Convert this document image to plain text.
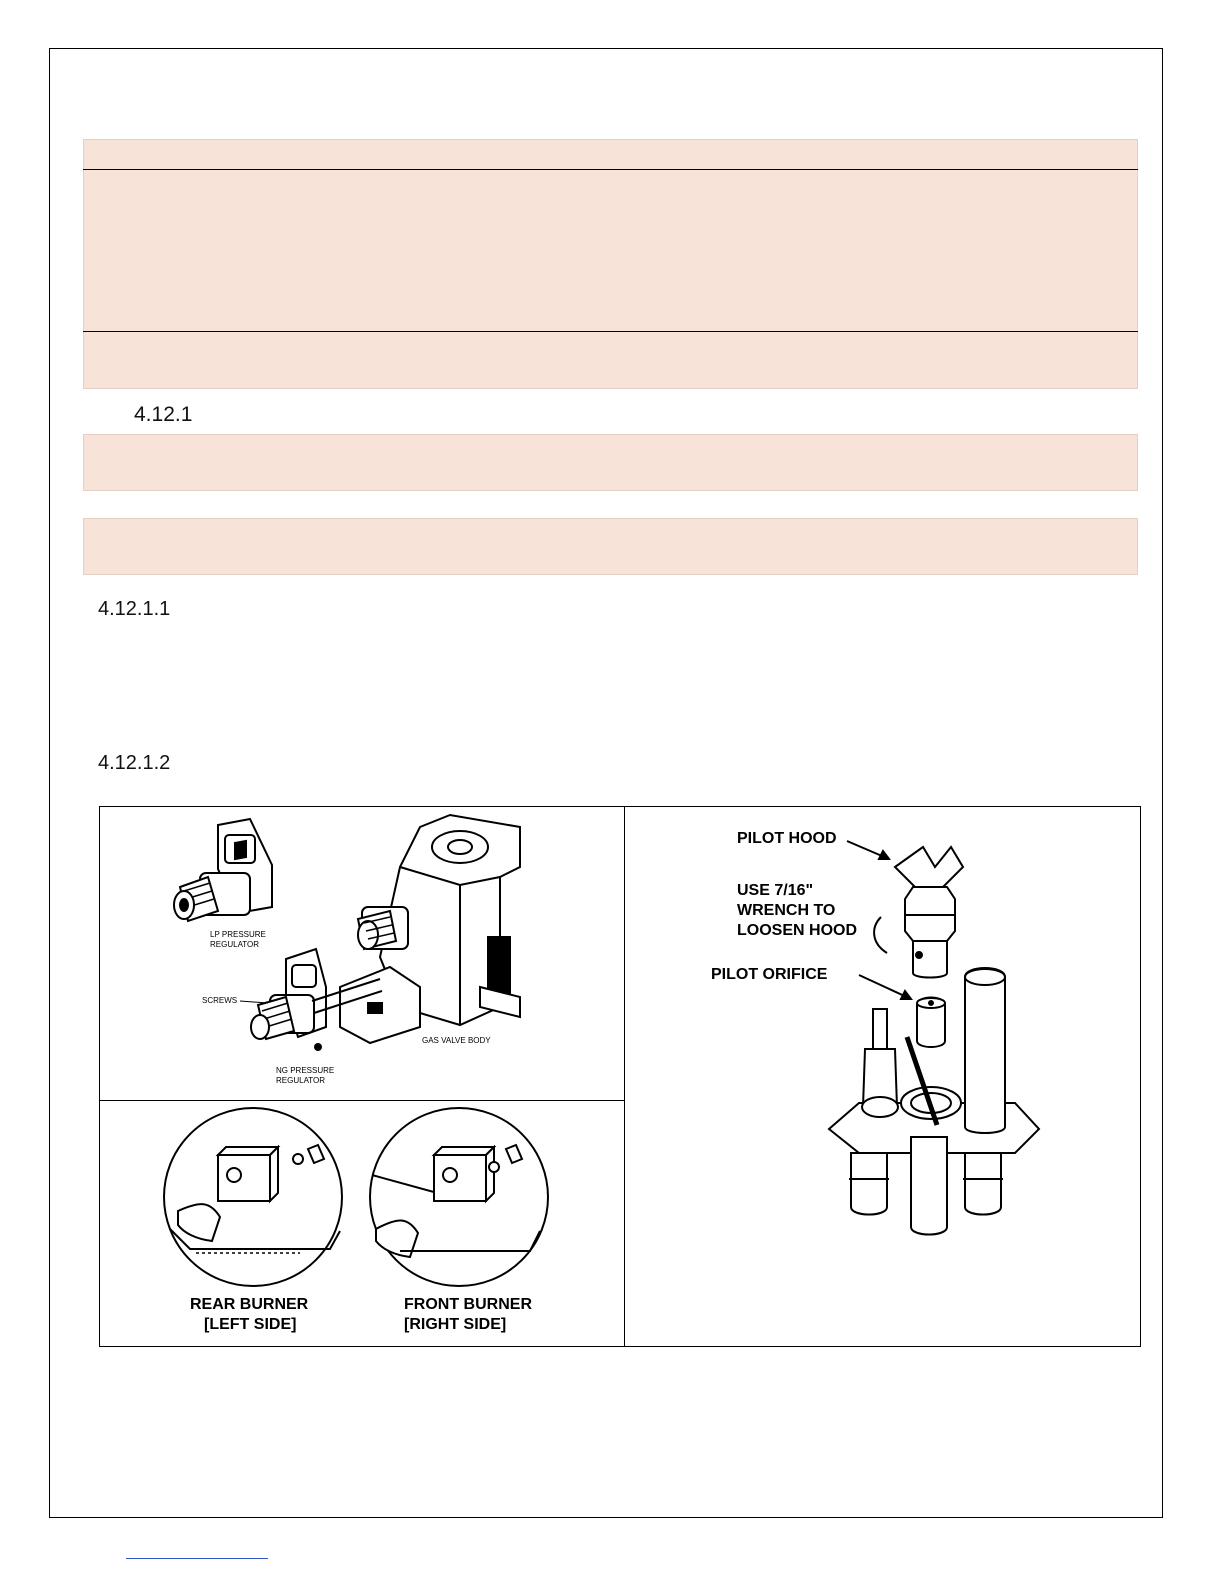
4.12.1
4.12.1.1
4.12.1.2
LP PRESSURE
REGULATOR
SCREWS
GAS VALVE BODY
NG PRESSURE
REGULATOR
REAR BURNER
[LEFT SIDE]
FRONT BURNER
[RIGHT SIDE]
PILOT HOOD
USE 7/16"
WRENCH TO
LOOSEN HOOD
PILOT ORIFICE
